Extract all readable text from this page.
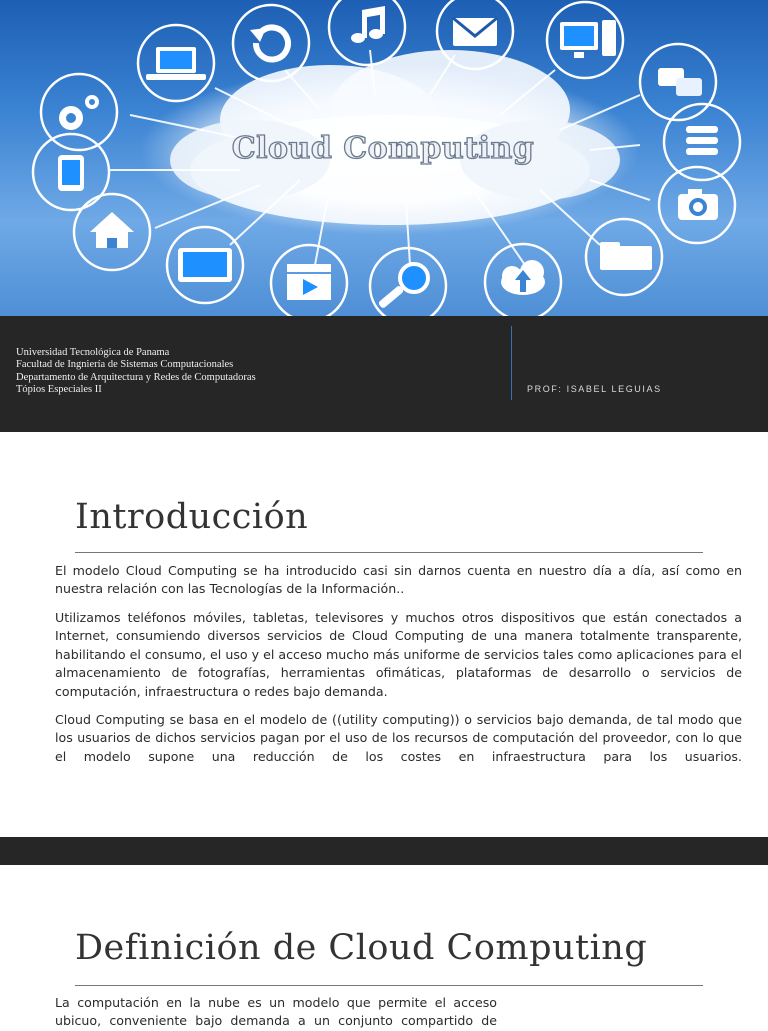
Cloud Computing
Universidad Tecnológica de Panama
Facultad de Ingniería de Sistemas Computacionales
Departamento de Arquitectura y Redes de Computadoras
Tópios Especiales II	PROF: ISABEL LEGUIAS
Introducción

El modelo Cloud Computing se ha introducido casi sin darnos cuenta en nuestro día a día, así como en nuestra relación con las Tecnologías de la Información..

Utilizamos teléfonos móviles, tabletas, televisores y muchos otros dispositivos que están conectados a Internet, consumiendo diversos servicios de Cloud Computing de una manera totalmente transparente, habilitando el consumo, el uso y el acceso mucho más uniforme de servicios tales como aplicaciones para el almacenamiento de fotografías, herramientas ofimáticas, plataformas de desarrollo o servicios de computación, infraestructura o redes bajo demanda.

Cloud Computing se basa en el modelo de ((utility computing)) o servicios bajo demanda, de tal modo que los usuarios de dichos servicios pagan por el uso de los recursos de computación del proveedor, con lo que el modelo supone una reducción de los costes en infraestructura para los usuarios.

Definición de Cloud Computing

La computación en la nube es un modelo que permite el acceso ubicuo, conveniente bajo demanda a un conjunto compartido de
